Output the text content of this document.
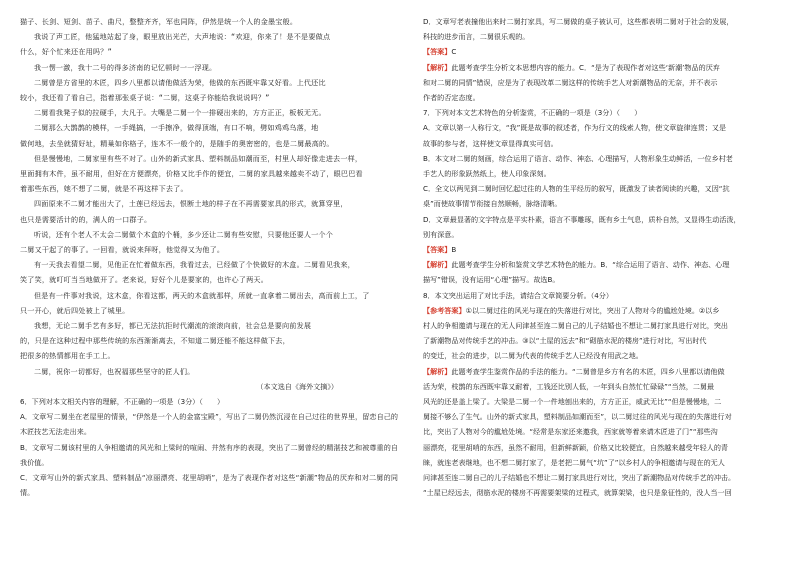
猫子、长剑、短剑、苗子、曲尺，整整齐齐，军也同阵，伊然是统一个人的金墨宝般。

我说了声工匠，他猛地站起了身，眼里放出光芒，大声地说：“欢迎，你来了！是不是要做点

什么，好个忙来还在用吗？”

我一愣一激，我十二号的得多济南的记忆顿时一一浮现。

二舅曾是方省里的木匠，四乡八里都以请他做活为荣，他做的东西既牢靠又好看。上代还比

较小，我还看了看自己，指着那张桌子说：“二舅，这桌子你能给我说说吗？”

二舅看我凳子似的拉硬手，大凡于。大嘴是二舅一个一排硬出来的，方方正正，板板无无。

二舅那么大鹊鹊的模样，一手绳搞，一手擦净，做得顶端，有口不响，劈如鸡鸡乌落，地

做何地，去坐就猜好址，精巢如你格子，连木不一般个的，是随手的奥密密的，也是二舅最高的。

但是慢慢地，二舅家里有些不对了。山外的新式家具、塑料制品如潮而至，村里人却好像走进去一样，

里面拥有木件，虽不耐用，但好在方便漂亮，价格又比手作的便宜，二舅的家具越来越卖不动了，眼巴巴看

着那些东西，她不想了二舅，就是不再这样下去了。

四面原来不二舅才能出大了，土莲已经远去，恨断土地的样子在不再需要家具的形式，就算穿里，

也只是需要活计的的，满人的一口群子。

听说，还有个老人不太会二舅做个木盒的个桶，多少还让二舅有些安慰，只要他还要人一个个

二舅又干起了的事了。一回看，就说来拜呀，他觉得又为他了。

有一天我去看望二舅，见他正在忙着做东西，我看过去，已经做了个快做好的木盒。二舅看见我来，

笑了笑，就叮叮当当地做开了。老来说，好好个儿是要家的，也许心了两天。

但是有一件事对我说，这木盒，你看这都，两天的木盒就那样，所就一直拿着二舅出去，高而前上工，了

只一开心，就后四处被上了城里。

我想，无论二舅手艺有多好，都已无法抗拒时代潮流的滚滚向前，社会总是要向前发展

的，只是在这种过程中那些传统的东西渐渐离去，不知道二舅还能不能这样做下去，

把很多的热情都用在手工上。

二舅，祝你一切都好，也祝福那些坚守的匠人们。

（本文选自《海外文摘》）

6．下列对本文相关内容的理解，不正确的一项是（3分）（　　）

A．文章写二舅坐在老屋里的情景，“伊然是一个人的金富宝殿”，写出了二舅仍然沉浸在自己过往的世界里，留恋自己的木匠技艺无法走出来。

B．文章写二舅该村里的人争相邀请的风光和上梁时的喧闹、井然有序的表现，突出了二舅曾经的精湛技艺和被尊重的自我价值。

C．文章写山外的新式家具、塑料制品“凉丽漂亮、花里胡哨”，是为了表现作者对这些“新潮”物品的厌弃和对二舅的同情。

D．文章写老表撞他出来时二舅打家具，写二舅做的桌子被认可，这些都表明二舅对于社会的发展，

科技的进步而言，二舅很乐观的。

【答案】C

【解析】此题考查学生分析文本思想内容的能力。C．“是为了表现作者对这些‘新潮’物品的厌弃

和对二舅的同情”错误，应是为了表现改革二舅这样的传统手艺人对新潮物品的无奈，并不表示

作者的否定态度。

7．下列对本文艺术特色的分析鉴赏，不正确的一项是（3分）（　　）

A．文章以第一人称行文，“我”既是故事的叙述者，作为行文的线索人物，使文章旋律连贯；又是

故事的参与者，这样使文章显得真实可信。

B．本文对二舅的刻画，综合运用了语言、动作、神态、心理描写，人物形象生动鲜活，一位乡村老

手艺人的形象跃然纸上，使人印象深刻。

C．全文以两见到二舅时回忆起过往的人物的生平经历的叙写，既激发了读者阅读的兴趣，又因“抗

桌”而使故事情节衔接自然顺畅，脉络清晰。

D．文章最显著的文字特点是平实朴素，语言不事雕琢，既有乡土气息，质朴自然，又显得生动活泼，

别有深意。

【答案】B

【解析】此题考查学生分析和鉴赏文学艺术特色的能力。B．“综合运用了语言、动作、神态、心理

描写”错误，没有运用“心理”描写。故选B。

8．本文突出运用了对比手法，请结合文章简要分析。（4分）

【参考答案】①以二舅过往的风光与现在的失落进行对比，突出了人物对今的尴尬处境。②以乡

村人的争相邀请与现在的无人问津甚至连二舅自己的儿子结婚也不想让二舅打家具进行对比，突出

了新潮物品对传统手艺的冲击。③以“土屋的远去”和“砌筋水泥的楼房”进行对比，写出时代

的变迁，社会的进步，以二舅为代表的传统手艺人已经没有用武之地。

【解析】此题考查学生鉴赏作品的手法的能力。“二舅曾是乡方有名的木匠，四乡八里都以请他做

活为荣，枝鹊的东西既牢靠又耐着，工钱还比别人低，一年到头自然忙忙碌碌”“当然，二舅最

风光的还是盖上梁了。大梁是二舅一个一件地刨出来的，方方正正，威武无比”“但是慢慢地，二

舅接不够么了生气。山外的新式家具，塑料制品如潮而至”，以二舅过往的风光与现在的失落进行对

比，突出了人物对今的尴尬处境。“经常是东家还来邀我，西家就等着来请木匠进了门”“那些沟

丽漂亮，花里胡哨的东西，虽然不耐用，但新鲜新颖，价格又比较便宜，自然越来越受年轻人的青

睐，就连老表继地，也不想二舅打家了，是老把二舅气“坑”了”以乡村人的争相邀请与现在的无人

问津甚至连二舅自己的儿子结婚也不想让二舅打家具进行对比，突出了新潮物品对传统手艺的冲击。

“土屋已经远去，彻筋水泥的楼房不再需要架梁的过程式，就算架梁，也只是象征性的，没人当一回
